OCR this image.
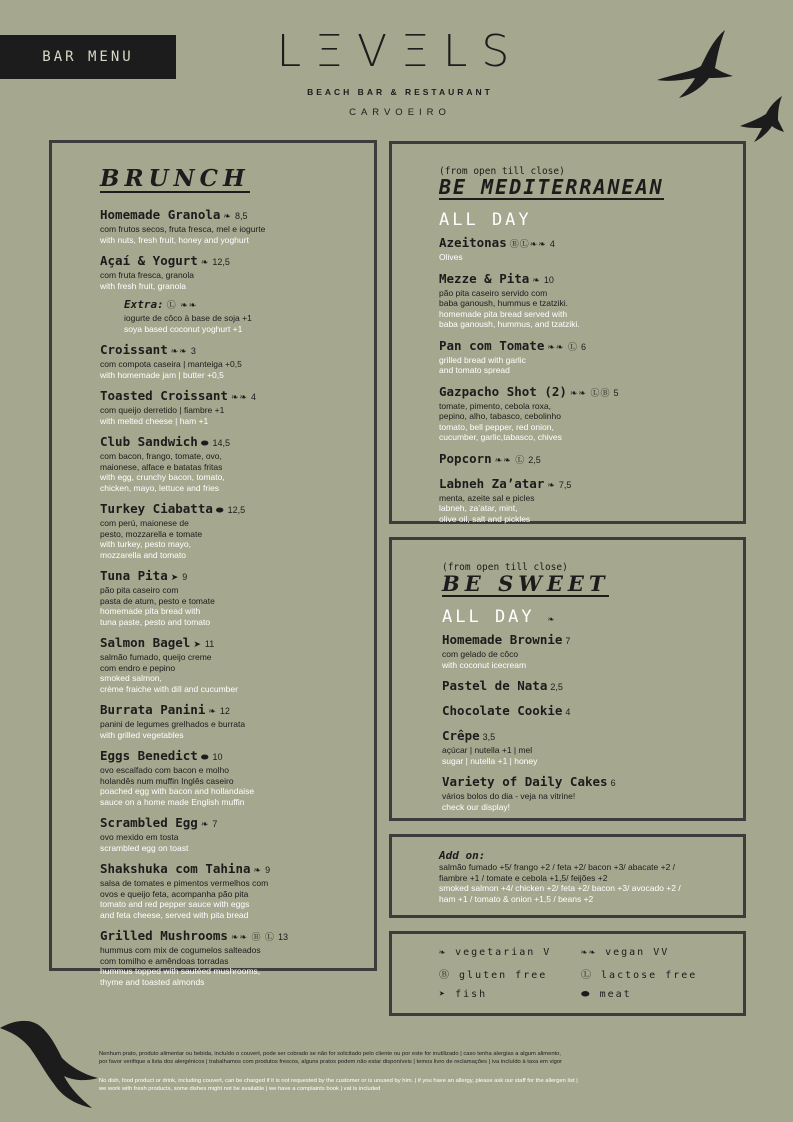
BAR MENU	LΞVΞLS
BEACH BAR & RESTAURANT
CARVOEIRO
BRUNCH
Homemade Granola ❧ 8,5
com frutos secos, fruta fresca, mel e iogurte
with nuts, fresh fruit, honey and yoghurt
Açaí & Yogurt ❧ 12,5
com fruta fresca, granola
with fresh fruit, granola
Extra: Ⓛ ❧❧
iogurte de côco à base de soja +1
soya based coconut yoghurt +1
Croissant ❧❧ 3
com compota caseira | manteiga +0,5
with homemade jam | butter +0,5
Toasted Croissant ❧❧ 4
com queijo derretido | fiambre +1
with melted cheese | ham +1
Club Sandwich ⬬ 14,5
com bacon, frango, tomate, ovo,
maionese, alface e batatas fritas
with egg, crunchy bacon, tomato,
chicken, mayo, lettuce and fries
Turkey Ciabatta ⬬ 12,5
com perú, maionese de
pesto, mozzarella e tomate
with turkey, pesto mayo,
mozzarella and tomato
Tuna Pita ➤ 9
pão pita caseiro com
pasta de atum, pesto e tomate
homemade pita bread with
tuna paste, pesto and tomato
Salmon Bagel ➤ 11
salmão fumado, queijo creme
com endro e pepino
smoked salmon,
crème fraiche with dill and cucumber
Burrata Panini ❧ 12
panini de legumes grelhados e burrata
with grilled vegetables
Eggs Benedict ⬬ 10
ovo escalfado com bacon e molho
holandês num muffin Inglês caseiro
poached egg with bacon and hollandaise
sauce on a home made English muffin
Scrambled Egg ❧ 7
ovo mexido em tosta
scrambled egg on toast
Shakshuka com Tahina ❧ 9
salsa de tomates e pimentos vermelhos com
ovos e queijo feta, acompanha pão pita
tomato and red pepper sauce with eggs
and feta cheese, served with pita bread
Grilled Mushrooms ❧❧ Ⓑ Ⓛ 13
hummus com mix de cogumelos salteados
com tomilho e amêndoas torradas
hummus topped with sautéed mushrooms,
thyme and toasted almonds
(from open till close)
BE MEDITERRANEAN
ALL DAY
Azeitonas ⒷⓁ❧❧ 4
Olives
Mezze & Pita ❧ 10
pão pita caseiro servido com
baba ganoush, hummus e tzatziki.
homemade pita bread served with
baba ganoush, hummus, and tzatziki.
Pan com Tomate ❧❧ Ⓛ 6
grilled bread with garlic
and tomato spread
Gazpacho Shot (2) ❧❧ ⓁⒷ 5
tomate, pimento, cebola roxa,
pepino, alho, tabasco, cebolinho
tomato, bell pepper, red onion,
cucumber, garlic,tabasco, chives
Popcorn ❧❧ Ⓛ 2,5
Labneh Za’atar ❧ 7,5
menta, azeite sal e picles
labneh, za’atar, mint,
olive oil, salt and pickles
(from open till close)
BE SWEET
ALL DAY ❧
Homemade Brownie 7
com gelado de côco
with coconut icecream
Pastel de Nata 2,5
Chocolate Cookie 4
Crêpe 3,5
açúcar | nutella +1 | mel
sugar | nutella +1 | honey
Variety of Daily Cakes 6
vários bolos do dia - veja na vitrine!
check our display!
Add on:
salmão fumado +5/ frango +2 / feta +2/ bacon +3/ abacate +2 /
fiambre +1 / tomate e cebola +1,5/ feijões +2
smoked salmon +4/ chicken +2/ feta +2/ bacon +3/ avocado +2 /
ham +1 / tomato & onion +1,5 / beans +2
❧ vegetarian V	❧❧ vegan VV
Ⓑ gluten free	Ⓛ lactose free
➤ fish	⬬ meat
Nenhum prato, produto alimentar ou bebida, incluído o couvert, pode ser cobrado se não for solicitado pelo cliente ou por este for inutilizado | caso tenha alergias a algum alimento,
por favor verifique a lista dos alergénicos | trabalhamos com produtos frescos, alguns pratos podem não estar disponíveis | temos livro de reclamações | iva incluído à taxa em vigor
No dish, food product or drink, including couvert, can be charged if it is not requested by the customer or is unused by him. | if you have an allergy, please ask our staff for the allergen list |
we work with fresh products, some dishes might not be available | we have a complaints book | vat is included
